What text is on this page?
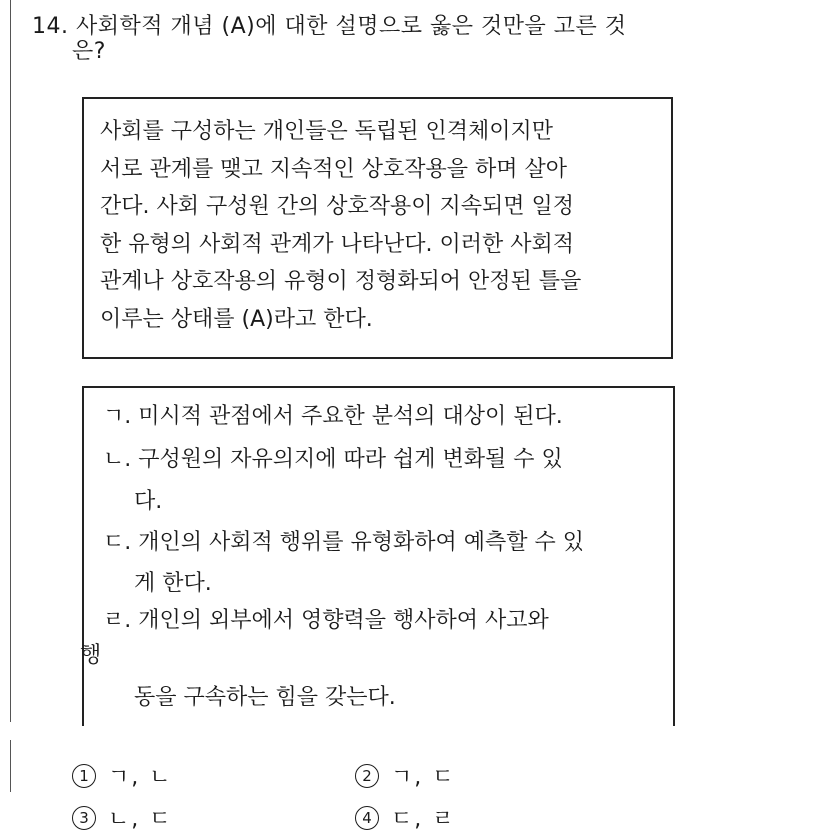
14. 사회학적 개념 (A)에 대한 설명으로 옳은 것만을 고른 것
은?
사회를 구성하는 개인들은 독립된 인격체이지만
서로 관계를 맺고 지속적인 상호작용을 하며 살아
간다. 사회 구성원 간의 상호작용이 지속되면 일정
한 유형의 사회적 관계가 나타난다. 이러한 사회적
관계나 상호작용의 유형이 정형화되어 안정된 틀을
이루는 상태를 (A)라고 한다.
ㄱ. 미시적 관점에서 주요한 분석의 대상이 된다.
ㄴ. 구성원의 자유의지에 따라 쉽게 변화될 수 있
다.
ㄷ. 개인의 사회적 행위를 유형화하여 예측할 수 있
게 한다.
ㄹ. 개인의 외부에서 영향력을 행사하여 사고와
행
동을 구속하는 힘을 갖는다.
1 ㄱ, ㄴ	2 ㄱ, ㄷ
3 ㄴ, ㄷ	4 ㄷ, ㄹ
